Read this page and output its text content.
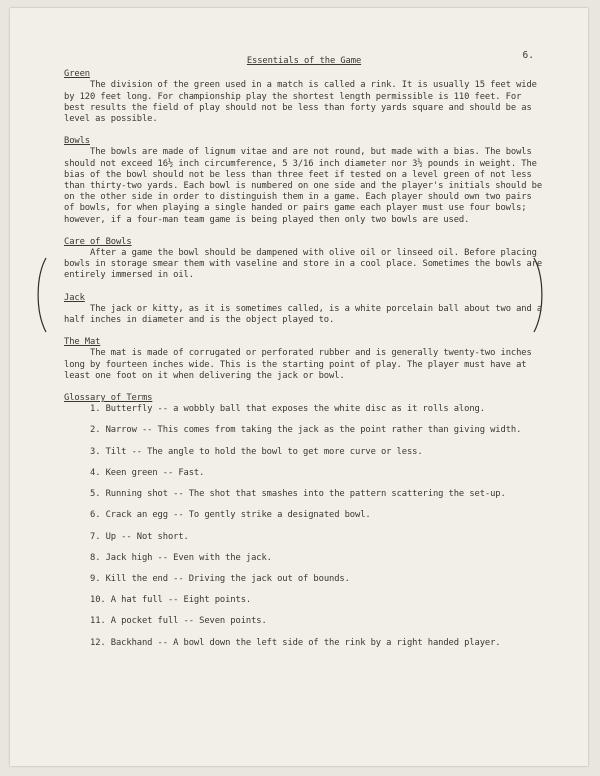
6.
Essentials of the Game
Green

The division of the green used in a match is called a rink. It is usually 15 feet wide by 120 feet long. For championship play the shortest length permissible is 110 feet. For best results the field of play should not be less than forty yards square and should be as level as possible.

Bowls

The bowls are made of lignum vitae and are not round, but made with a bias. The bowls should not exceed 16½ inch circumference, 5 3/16 inch diameter nor 3½ pounds in weight. The bias of the bowl should not be less than three feet if tested on a level green of not less than thirty-two yards. Each bowl is numbered on one side and the player's initials should be on the other side in order to distinguish them in a game. Each player should own two pairs of bowls, for when playing a single handed or pairs game each player must use four bowls; however, if a four-man team game is being played then only two bowls are used.

Care of Bowls

After a game the bowl should be dampened with olive oil or linseed oil. Before placing bowls in storage smear them with vaseline and store in a cool place. Sometimes the bowls are entirely immersed in oil.

Jack

The jack or kitty, as it is sometimes called, is a white porcelain ball about two and a half inches in diameter and is the object played to.

The Mat

The mat is made of corrugated or perforated rubber and is generally twenty-two inches long by fourteen inches wide. This is the starting point of play. The player must have at least one foot on it when delivering the jack or bowl.

Glossary of Terms
1. Butterfly -- a wobbly ball that exposes the white disc as it rolls along.
2. Narrow -- This comes from taking the jack as the point rather than giving width.
3. Tilt -- The angle to hold the bowl to get more curve or less.
4. Keen green -- Fast.
5. Running shot -- The shot that smashes into the pattern scattering the set-up.
6. Crack an egg -- To gently strike a designated bowl.
7. Up -- Not short.
8. Jack high -- Even with the jack.
9. Kill the end -- Driving the jack out of bounds.
10. A hat full -- Eight points.
11. A pocket full -- Seven points.
12. Backhand -- A bowl down the left side of the rink by a right handed player.
